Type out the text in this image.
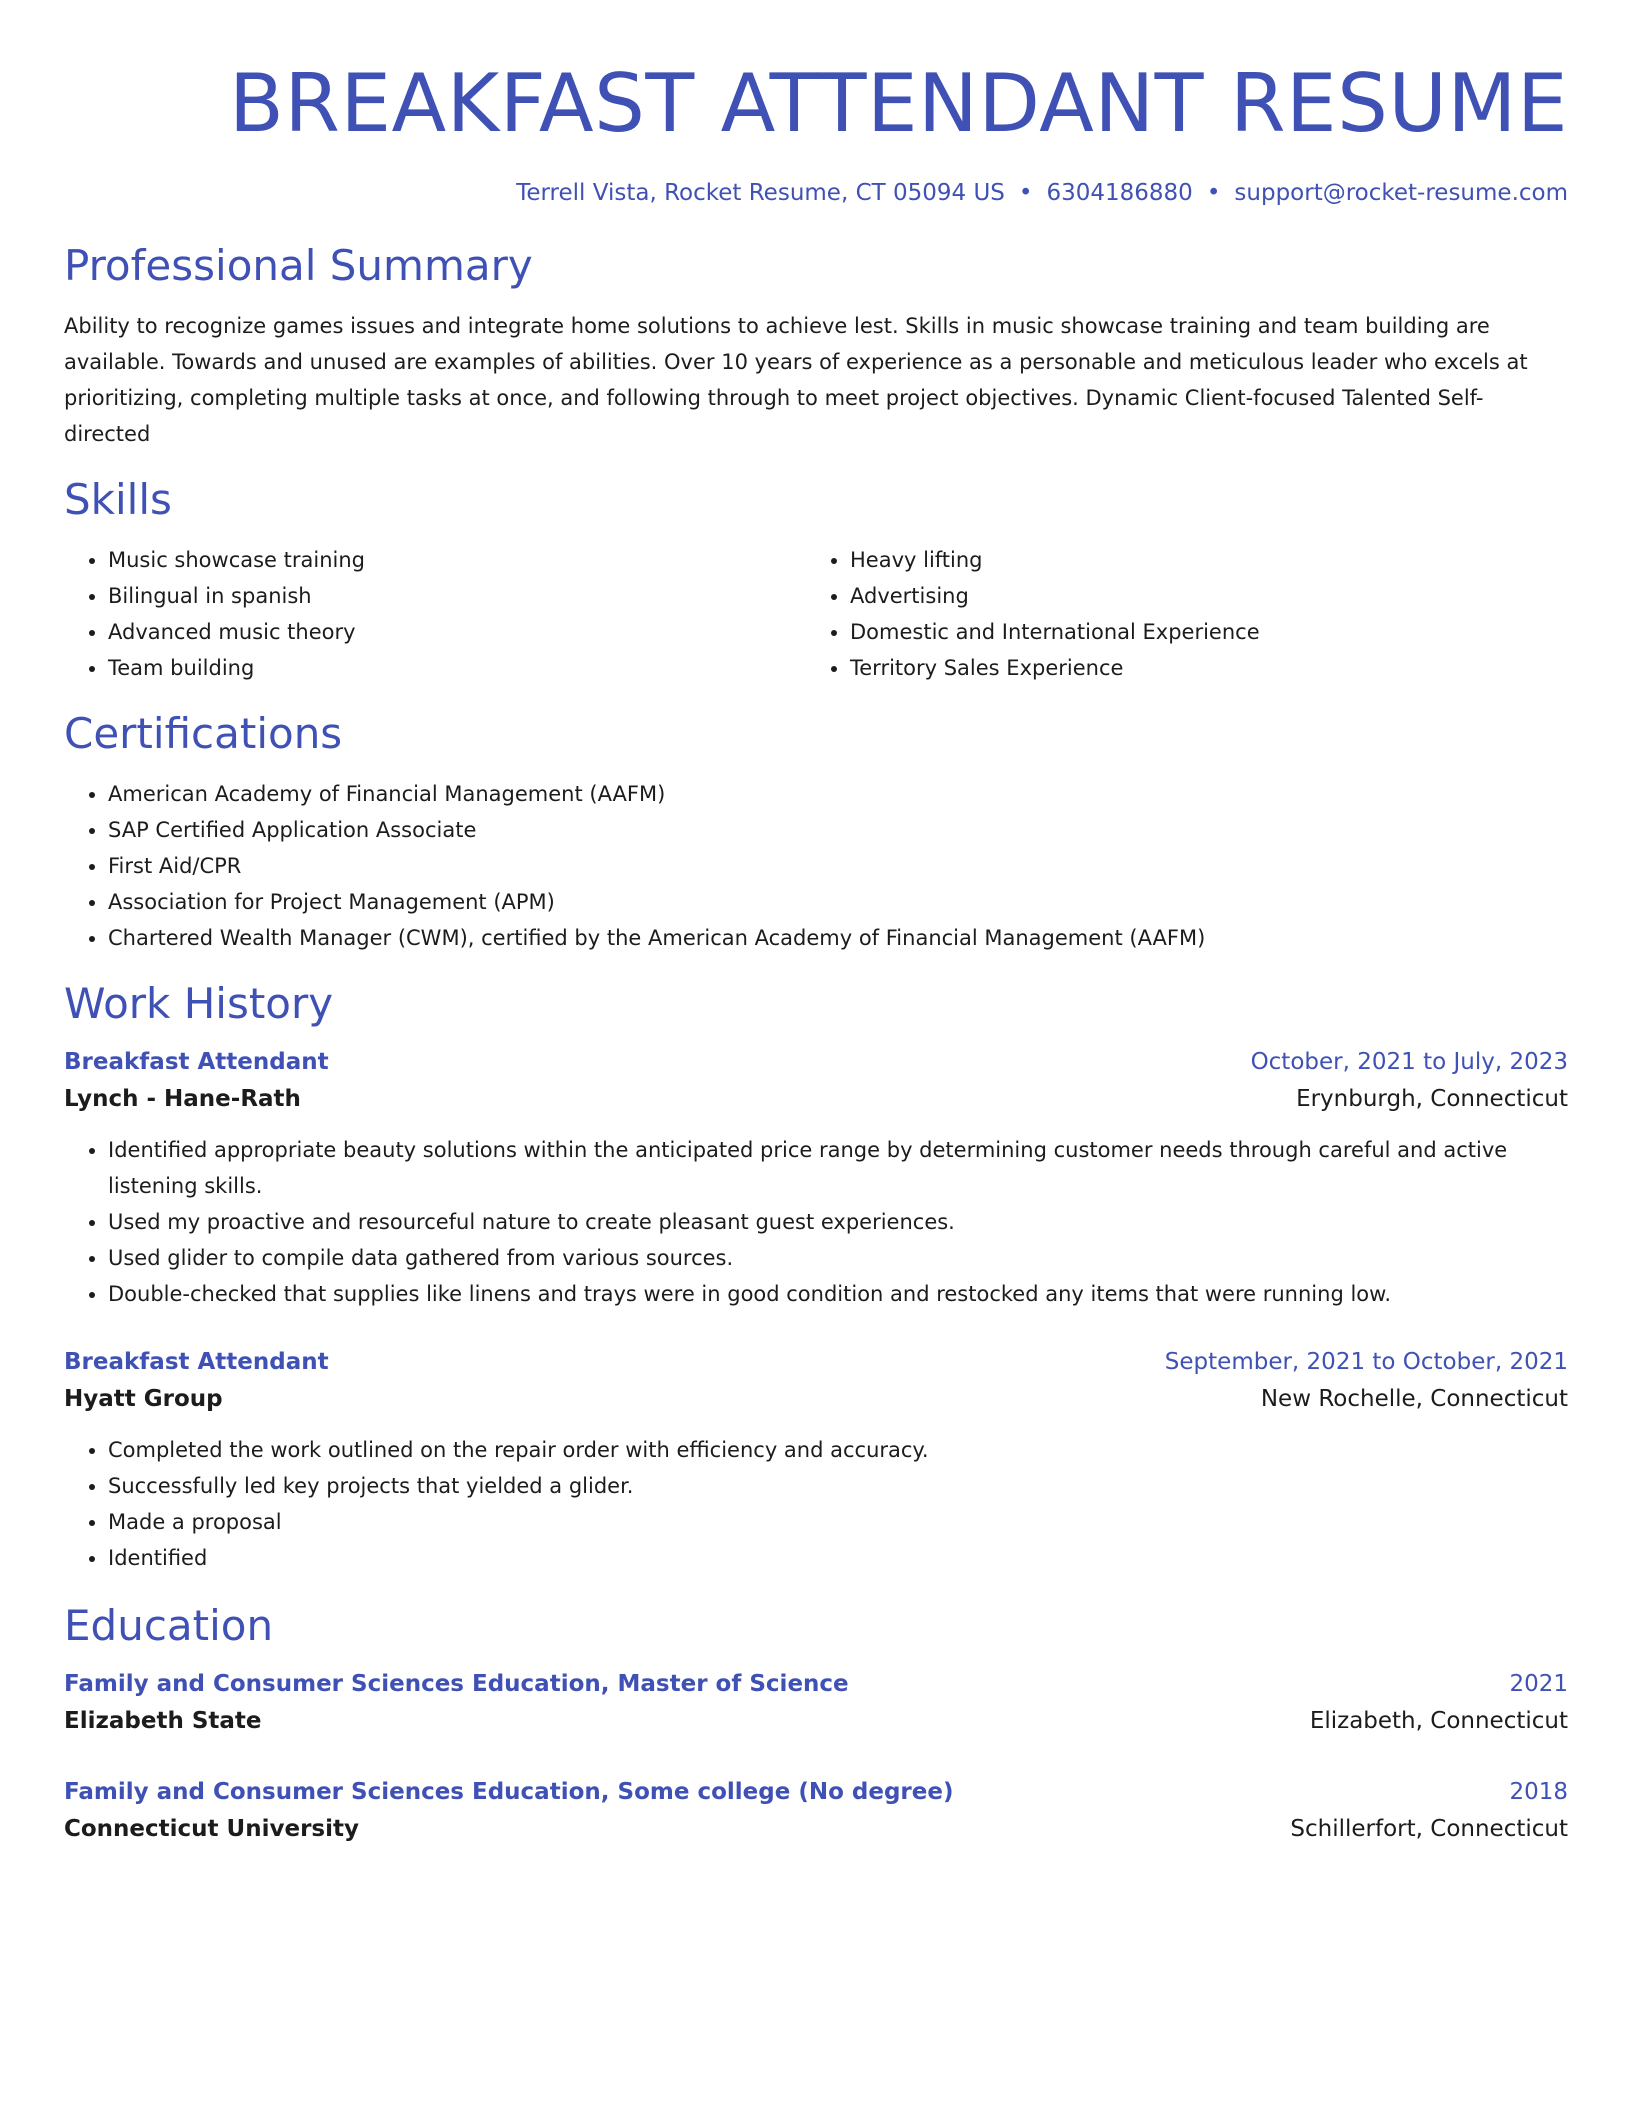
BREAKFAST ATTENDANT RESUME
Terrell Vista, Rocket Resume, CT 05094 US • 6304186880 • support@rocket-resume.com
Professional Summary

Ability to recognize games issues and integrate home solutions to achieve lest. Skills in music showcase training and team building are available. Towards and unused are examples of abilities. Over 10 years of experience as a personable and meticulous leader who excels at prioritizing, completing multiple tasks at once, and following through to meet project objectives. Dynamic Client-focused Talented Self-directed

Skills
• Music showcase training
• Bilingual in spanish
• Advanced music theory
• Team building
• Heavy lifting
• Advertising
• Domestic and International Experience
• Territory Sales Experience
Certifications
• American Academy of Financial Management (AAFM)
• SAP Certified Application Associate
• First Aid/CPR
• Association for Project Management (APM)
• Chartered Wealth Manager (CWM), certified by the American Academy of Financial Management (AAFM)
Work History
Breakfast Attendant	October, 2021 to July, 2023
Lynch - Hane-Rath	Erynburgh, Connecticut
• Identified appropriate beauty solutions within the anticipated price range by determining customer needs through careful and active listening skills.
• Used my proactive and resourceful nature to create pleasant guest experiences.
• Used glider to compile data gathered from various sources.
• Double-checked that supplies like linens and trays were in good condition and restocked any items that were running low.
Breakfast Attendant	September, 2021 to October, 2021
Hyatt Group	New Rochelle, Connecticut
• Completed the work outlined on the repair order with efficiency and accuracy.
• Successfully led key projects that yielded a glider.
• Made a proposal
• Identified
Education
Family and Consumer Sciences Education, Master of Science	2021
Elizabeth State	Elizabeth, Connecticut
Family and Consumer Sciences Education, Some college (No degree)	2018
Connecticut University	Schillerfort, Connecticut
